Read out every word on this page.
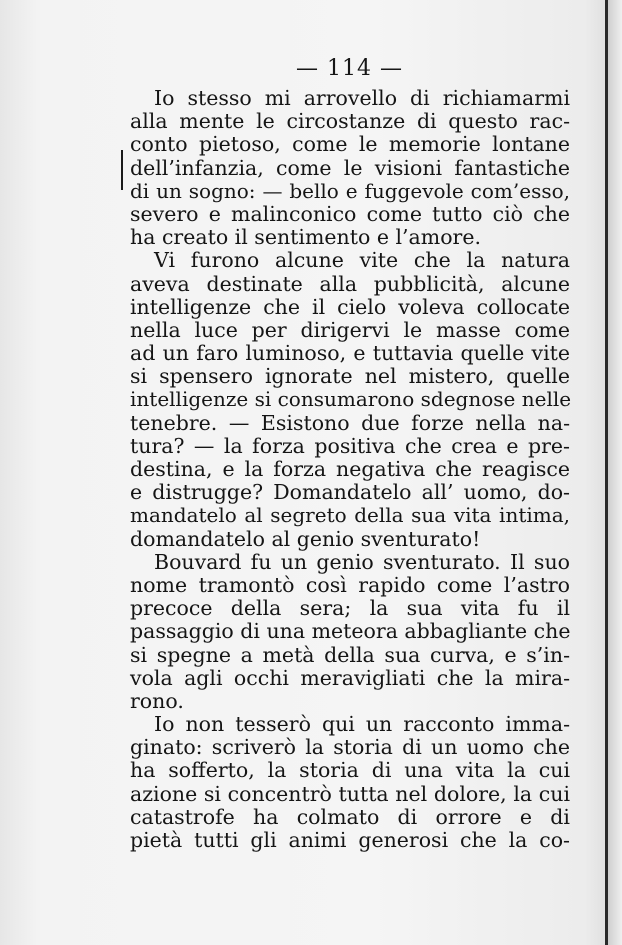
— 114 —
Io stesso mi arrovello di richiamarmi
alla mente le circostanze di questo rac-
conto pietoso, come le memorie lontane
dell’infanzia, come le visioni fantastiche
di un sogno: — bello e fuggevole com’esso,
severo e malinconico come tutto ciò che
ha creato il sentimento e l’amore.
Vi furono alcune vite che la natura
aveva destinate alla pubblicità, alcune
intelligenze che il cielo voleva collocate
nella luce per dirigervi le masse come
ad un faro luminoso, e tuttavia quelle vite
si spensero ignorate nel mistero, quelle
intelligenze si consumarono sdegnose nelle
tenebre. — Esistono due forze nella na-
tura? — la forza positiva che crea e pre-
destina, e la forza negativa che reagisce
e distrugge? Domandatelo all’ uomo, do-
mandatelo al segreto della sua vita intima,
domandatelo al genio sventurato!
Bouvard fu un genio sventurato. Il suo
nome tramontò così rapido come l’astro
precoce della sera; la sua vita fu il
passaggio di una meteora abbagliante che
si spegne a metà della sua curva, e s’in-
vola agli occhi meravigliati che la mira-
rono.
Io non tesserò qui un racconto imma-
ginato: scriverò la storia di un uomo che
ha sofferto, la storia di una vita la cui
azione si concentrò tutta nel dolore, la cui
catastrofe ha colmato di orrore e di
pietà tutti gli animi generosi che la co-
